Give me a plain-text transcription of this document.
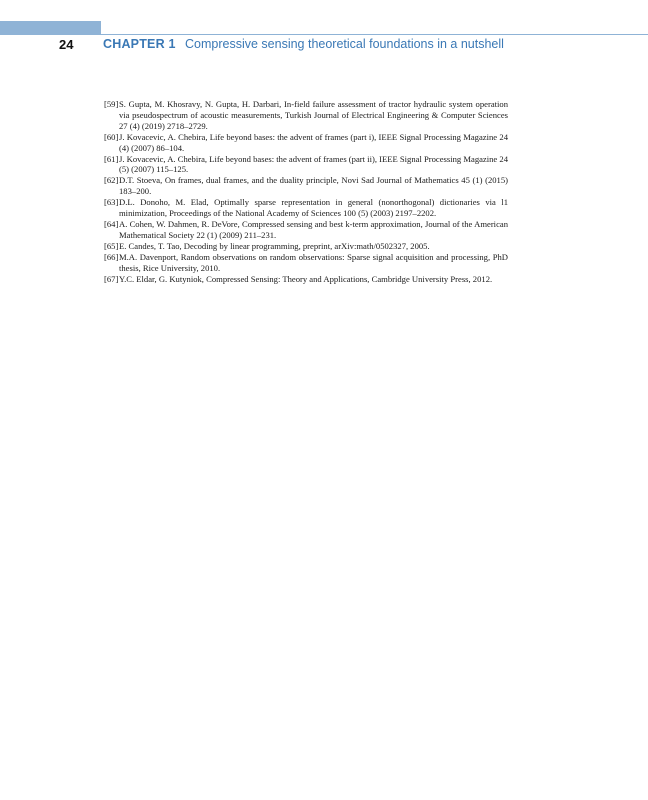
24 CHAPTER 1 Compressive sensing theoretical foundations in a nutshell
[59] S. Gupta, M. Khosravy, N. Gupta, H. Darbari, In-field failure assessment of tractor hydraulic system operation via pseudospectrum of acoustic measurements, Turkish Journal of Electrical Engineering & Computer Sciences 27 (4) (2019) 2718–2729.
[60] J. Kovacevic, A. Chebira, Life beyond bases: the advent of frames (part i), IEEE Signal Processing Magazine 24 (4) (2007) 86–104.
[61] J. Kovacevic, A. Chebira, Life beyond bases: the advent of frames (part ii), IEEE Signal Processing Magazine 24 (5) (2007) 115–125.
[62] D.T. Stoeva, On frames, dual frames, and the duality principle, Novi Sad Journal of Mathematics 45 (1) (2015) 183–200.
[63] D.L. Donoho, M. Elad, Optimally sparse representation in general (nonorthogonal) dictionaries via l1 minimization, Proceedings of the National Academy of Sciences 100 (5) (2003) 2197–2202.
[64] A. Cohen, W. Dahmen, R. DeVore, Compressed sensing and best k-term approximation, Journal of the American Mathematical Society 22 (1) (2009) 211–231.
[65] E. Candes, T. Tao, Decoding by linear programming, preprint, arXiv:math/0502327, 2005.
[66] M.A. Davenport, Random observations on random observations: Sparse signal acquisition and processing, PhD thesis, Rice University, 2010.
[67] Y.C. Eldar, G. Kutyniok, Compressed Sensing: Theory and Applications, Cambridge University Press, 2012.
